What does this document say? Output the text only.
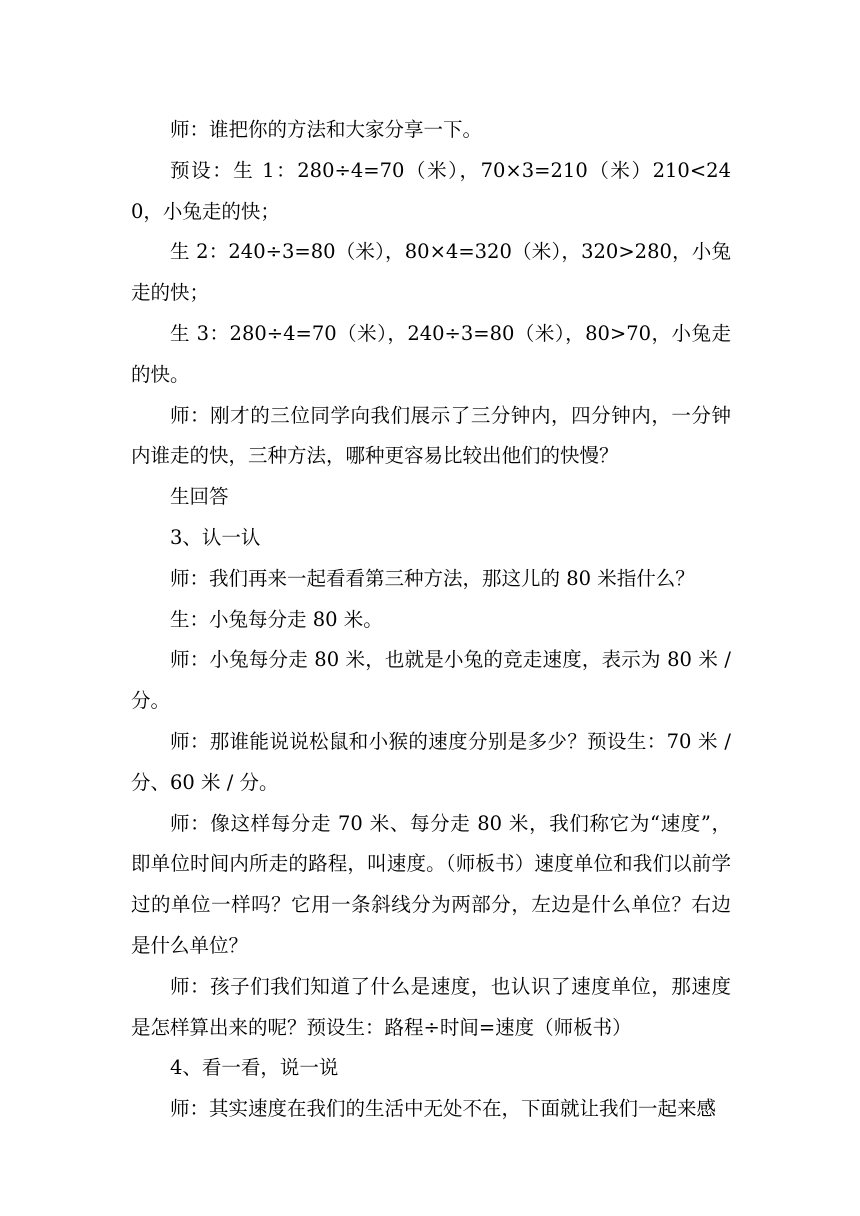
师：谁把你的方法和大家分享一下。

预设：生 1：280÷4=70（米），70×3=210（米）210<240，小兔走的快；

生 2：240÷3=80（米），80×4=320（米），320>280，小兔走的快；

生 3：280÷4=70（米），240÷3=80（米），80>70，小兔走的快。

师：刚才的三位同学向我们展示了三分钟内，四分钟内，一分钟内谁走的快，三种方法，哪种更容易比较出他们的快慢？

生回答

3、认一认

师：我们再来一起看看第三种方法，那这儿的 80 米指什么？

生：小兔每分走 80 米。

师：小兔每分走 80 米，也就是小兔的竞走速度，表示为 80 米 / 分。

师：那谁能说说松鼠和小猴的速度分别是多少？预设生：70 米 / 分、60 米 / 分。

师：像这样每分走 70 米、每分走 80 米，我们称它为“速度”，即单位时间内所走的路程，叫速度。（师板书）速度单位和我们以前学过的单位一样吗？它用一条斜线分为两部分，左边是什么单位？右边是什么单位？

师：孩子们我们知道了什么是速度，也认识了速度单位，那速度是怎样算出来的呢？预设生：路程÷时间=速度（师板书）

4、看一看，说一说

师：其实速度在我们的生活中无处不在，下面就让我们一起来感
